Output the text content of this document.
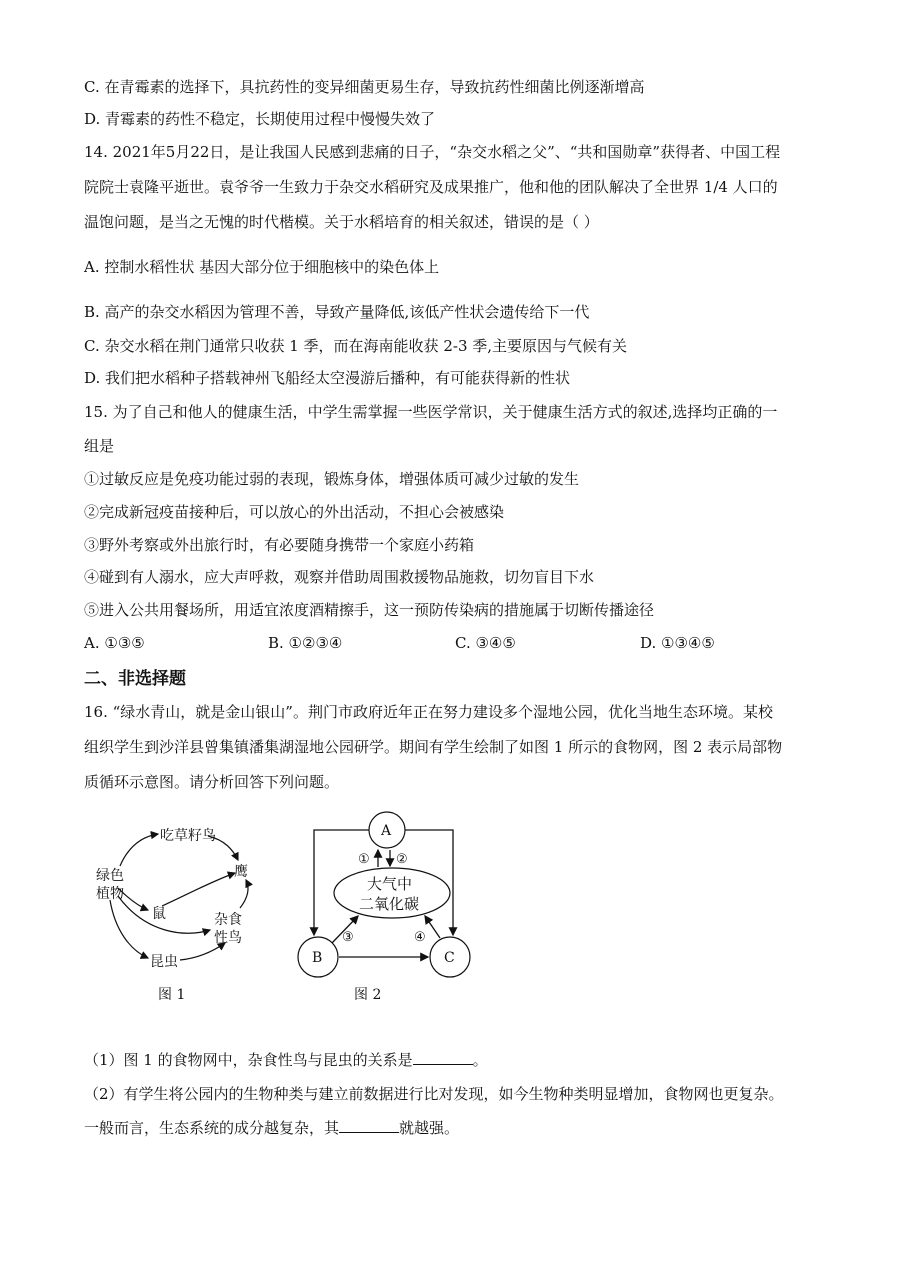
C. 在青霉素的选择下，具抗药性的变异细菌更易生存，导致抗药性细菌比例逐渐增高
D. 青霉素的药性不稳定，长期使用过程中慢慢失效了
14. 2021年5月22日，是让我国人民感到悲痛的日子，“杂交水稻之父”、“共和国勋章”获得者、中国工程
院院士袁隆平逝世。袁爷爷一生致力于杂交水稻研究及成果推广，他和他的团队解决了全世界 1/4 人口的
温饱问题，是当之无愧的时代楷模。关于水稻培育的相关叙述，错误的是（ ）
A. 控制水稻性状 基因大部分位于细胞核中的染色体上
B. 高产的杂交水稻因为管理不善，导致产量降低,该低产性状会遗传给下一代
C. 杂交水稻在荆门通常只收获 1 季，而在海南能收获 2-3 季,主要原因与气候有关
D. 我们把水稻种子搭载神州飞船经太空漫游后播种，有可能获得新的性状
15. 为了自己和他人的健康生活，中学生需掌握一些医学常识，关于健康生活方式的叙述,选择均正确的一
组是
①过敏反应是免疫功能过弱的表现，锻炼身体，增强体质可减少过敏的发生
②完成新冠疫苗接种后，可以放心的外出活动，不担心会被感染
③野外考察或外出旅行时，有必要随身携带一个家庭小药箱
④碰到有人溺水，应大声呼救，观察并借助周围救援物品施救，切勿盲目下水
⑤进入公共用餐场所，用适宜浓度酒精擦手，这一预防传染病的措施属于切断传播途径
A. ①③⑤	B. ①②③④	C. ③④⑤	D. ①③④⑤
二、非选择题
16. “绿水青山，就是金山银山”。荆门市政府近年正在努力建设多个湿地公园，优化当地生态环境。某校
组织学生到沙洋县曾集镇潘集湖湿地公园研学。期间有学生绘制了如图 1 所示的食物网，图 2 表示局部物
质循环示意图。请分析回答下列问题。
绿色
植物
吃草籽鸟
鹰
鼠	杂食
性鸟
昆虫
图 1
A
大气中
二氧化碳
B	C
① ②
③	④
图 2
（1）图 1 的食物网中，杂食性鸟与昆虫的关系是	。
（2）有学生将公园内的生物种类与建立前数据进行比对发现，如今生物种类明显增加，食物网也更复杂。
一般而言，生态系统的成分越复杂，其	就越强。
